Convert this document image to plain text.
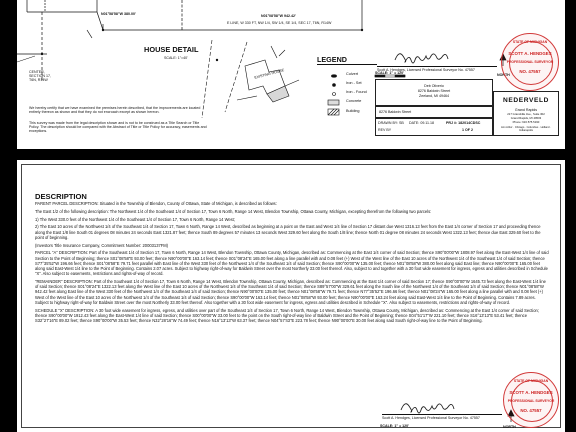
N01°58'58"W 380.00'	N01°08'58"W 942.42'
E LINE, W 330 FT, NW 1/4, SW 1/4, SE 1/4, SEC 17, T6N, R14W
CENTER,
SECTION 17,
T6N, R14W
HOUSE DETAIL
SCALE: 1"=40'
EXISTING HOUSE
LEGEND
Culvert
Iron - Set
Iron - Found
Concrete
Building
We hereby certify that we have examined the premises herein described, that the improvements are located entirely thereon as shown and that they do not encroach except as shown hereon.
This survey was made from the legal description shown and is not to be construed as a Title Search or Title Policy. The description should be compared with the Abstract of Title or Title Policy for accuracy, easements and exceptions.
Scott A. Hendges, Licensed Professional Surveyor No. 47557
SCALE: 1" = 120'	NORTH
STATE OF MICHIGAN
SCOTT A. HENDGES
PROFESSIONAL SURVEYOR
NO. 47557
Deb Oliverio
8276 Baldwin Street
Zeeland, MI 49464
8276 Baldwin Street
DRAWN BY: SB DATE: 09.11.18	PRJ #: 182014CDSC
REV BY	1 OF 2
NEDERVELD
Grand Rapids
217 Grandville Ave., Suite 302
Grand Rapids, MI 49503
Phone: 616.575.5190
Ann Arbor · Chicago · Columbus · Holland · Indianapolis
DESCRIPTION

PARENT PARCEL DESCRIPTION: Situated in the Township of Blendon, County of Ottawa, State of Michigan, is described as follows:

The East 1/2 of the following description: The Northwest 1/4 of the Southeast 1/4 of Section 17, Town 6 North, Range 14 West, Blendon Township, Ottawa County, Michigan, excepting therefrom the following two parcels:

1) The West 330.0 feet of the Northwest 1/4 of the Southeast 1/4 of Section 17, Town 6 North, Range 14 West;

2) The East 10 acres of the Northwest 1/4 of the Southeast 1/4 of Section 17, Town 6 North, Range 14 West, described as beginning at a point on the East and West 1/4 line of Section 17 distant due West 1316.13 feet from the East 1/4 corner of Section 17 and proceeding thence along the East 1/8 line South 01 degrees 08 minutes 24 seconds East 1321.87 feet; thence South 89 degrees 57 minutes 13 seconds West 329.60 feet along the South 1/8 line; thence North 01 degree 08 minutes 24 seconds West 1322.13 feet; thence due East 329.60 feet to the point of beginning.

(Investors Title Insurance Company, Commitment Number: 20003137FM)

PARCEL "A" DESCRIPTION: Part of the Southeast 1/4 of Section 17, Town 6 North, Range 14 West, Blendon Township, Ottawa County, Michigan, described as: Commencing at the East 1/4 corner of said Section; thence S90°00'00"W 1808.97 feet along the East-West 1/4 line of said Section to the Point of Beginning; thence S01°08'58"E 93.00 feet; thence N90°00'00"E 163.14 feet; thence S01°08'24"E 165.00 feet along a line parallel with and 0.08 feet (+) West of the West line of the East 10 acres of the Northwest 1/4 of the Southeast 1/4 of said Section; thence S77°35'52"W 196.66 feet; thence S01°08'58"E 79.71 feet parallel with East line of the West 330 feet of the Northwest 1/4 of the Southeast 1/4 of said Section; thence S90°00'00"W 135.00 feet; thence N01°08'58"W 380.00 feet along said East line; thence N90°00'00"E 165.00 feet along said East-West 1/4 line to the Point of Beginning. Contains 2.07 acres. Subject to highway right-of-way for Baldwin Street over the most Northerly 33.00 feet thereof. Also, subject to and together with a 30 foot wide easement for ingress, egress and utilities described in Schedule "X". Also subject to easements, restrictions and rights-of-way of record.

"REMAINDER" DESCRIPTION: Part of the Southeast 1/4 of Section 17, Town 6 North, Range 14 West, Blendon Township, Ottawa County, Michigan, described as: Commencing at the East 1/4 corner of said Section 17; thence S90°00'00"W 1645.73 feet along the East-West 1/4 line of said Section; thence S01°08'24"E 1322.13 feet along the West line of the East 10 acres of the Northwest 1/4 of the Southeast 1/4 of said Section; thence S89°57'00"W 329.61 feet along the South line of the Northwest 1/4 of the Southeast 1/4 of said Section; thence N01°08'58"W 942.42 feet along East line of the West 330 feet of the Northwest 1/4 of the Southeast 1/4 of said Section; thence N90°00'00"E 135.00 feet; thence N01°08'58"W 79.71 feet; thence N77°35'52"E 196.66 feet; thence N01°08'24"W 165.00 feet along a line parallel with and 0.08 feet (+) West of the West line of the East 10 acres of the Northwest 1/4 of the Southeast 1/4 of said Section; thence S90°00'00"W 163.14 feet; thence N01°08'58"W 93.00 feet; thence N90°00'00"E 163.24 feet along said East-West 1/4 line to the Point of Beginning. Contains 7.89 acres. Subject to highway right-of-way for Baldwin Street over the most Northerly 33.00 feet thereof. Also together with a 30 foot wide easement for ingress, egress and utilities described in Schedule "X". Also subject to easements, restrictions and rights-of-way of record.

SCHEDULE "X" DESCRIPTION: A 30 foot wide easement for ingress, egress, and utilities over part of the Southeast 1/4 of Section 17, Town 6 North, Range 14 West, Blendon Township, Ottawa County, Michigan, described as: Commencing at the East 1/4 corner of said Section; thence S90°00'00"W 1912.43 feet along the East-West 1/4 line of said Section; thence S00°00'00"W 33.00 feet to the point on the South right-of-way line of Baldwin Street and the Point of Beginning; thence S04°51'17"W 221.10 feet; thence S16°13'13"E 53.41 feet; thence S32°27'16"E 89.02 feet; thence S90°00'00"W 35.53 feet; thence N32°28'16"W 74.49 feet; thence N16°13'13"W 63.37 feet; thence N04°57'43"E 223.78 feet; thence N90°00'00"E 30.00 feet along said South right-of-way line to the Point of Beginning.

Scott A. Hendges, Licensed Professional Surveyor No. 47557
SCALE: 1" = 120'	NORTH
STATE OF MICHIGAN
SCOTT A. HENDGES
PROFESSIONAL SURVEYOR
NO. 47557
